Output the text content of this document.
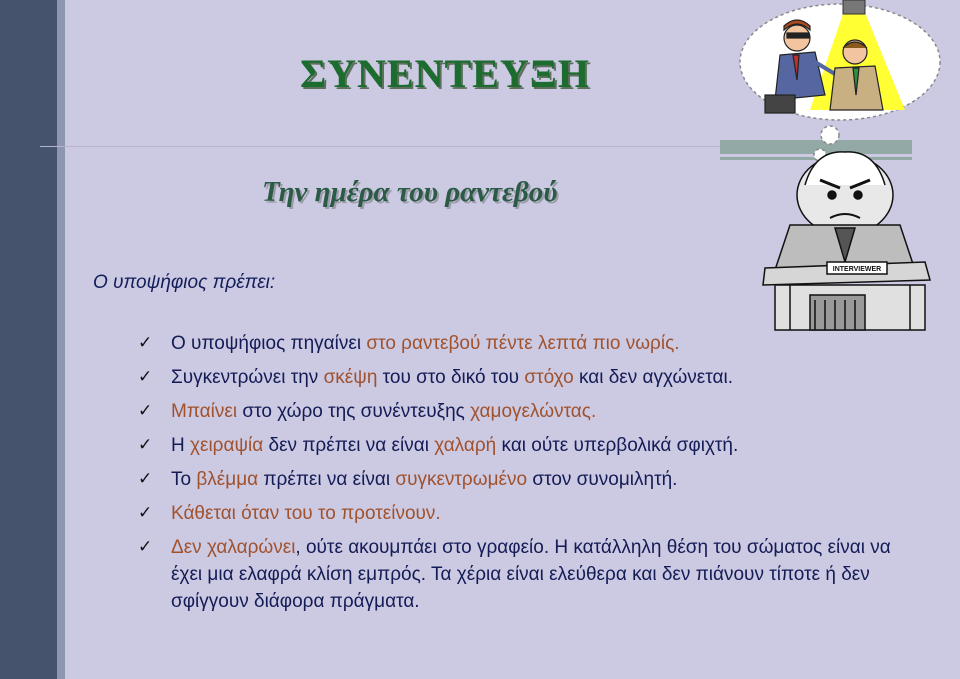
ΣΥΝΕΝΤΕΥΞΗ
Την ημέρα του ραντεβού
Ο υποψήφιος πρέπει:
INTERVIEWER
✓ Ο υποψήφιος πηγαίνει στο ραντεβού πέντε λεπτά πιο νωρίς.
✓ Συγκεντρώνει την σκέψη του στο δικό του στόχο και δεν αγχώνεται.
✓ Μπαίνει στο χώρο της συνέντευξης χαμογελώντας.
✓ Η χειραψία δεν πρέπει να είναι χαλαρή και ούτε υπερβολικά σφιχτή.
✓ Το βλέμμα πρέπει να είναι συγκεντρωμένο στον συνομιλητή.
✓ Κάθεται όταν του το προτείνουν.
✓ Δεν χαλαρώνει, ούτε ακουμπάει στο γραφείο. Η κατάλληλη θέση του σώματος είναι να έχει μια ελαφρά κλίση εμπρός. Τα χέρια είναι ελεύθερα και δεν πιάνουν τίποτε ή δεν σφίγγουν διάφορα πράγματα.
